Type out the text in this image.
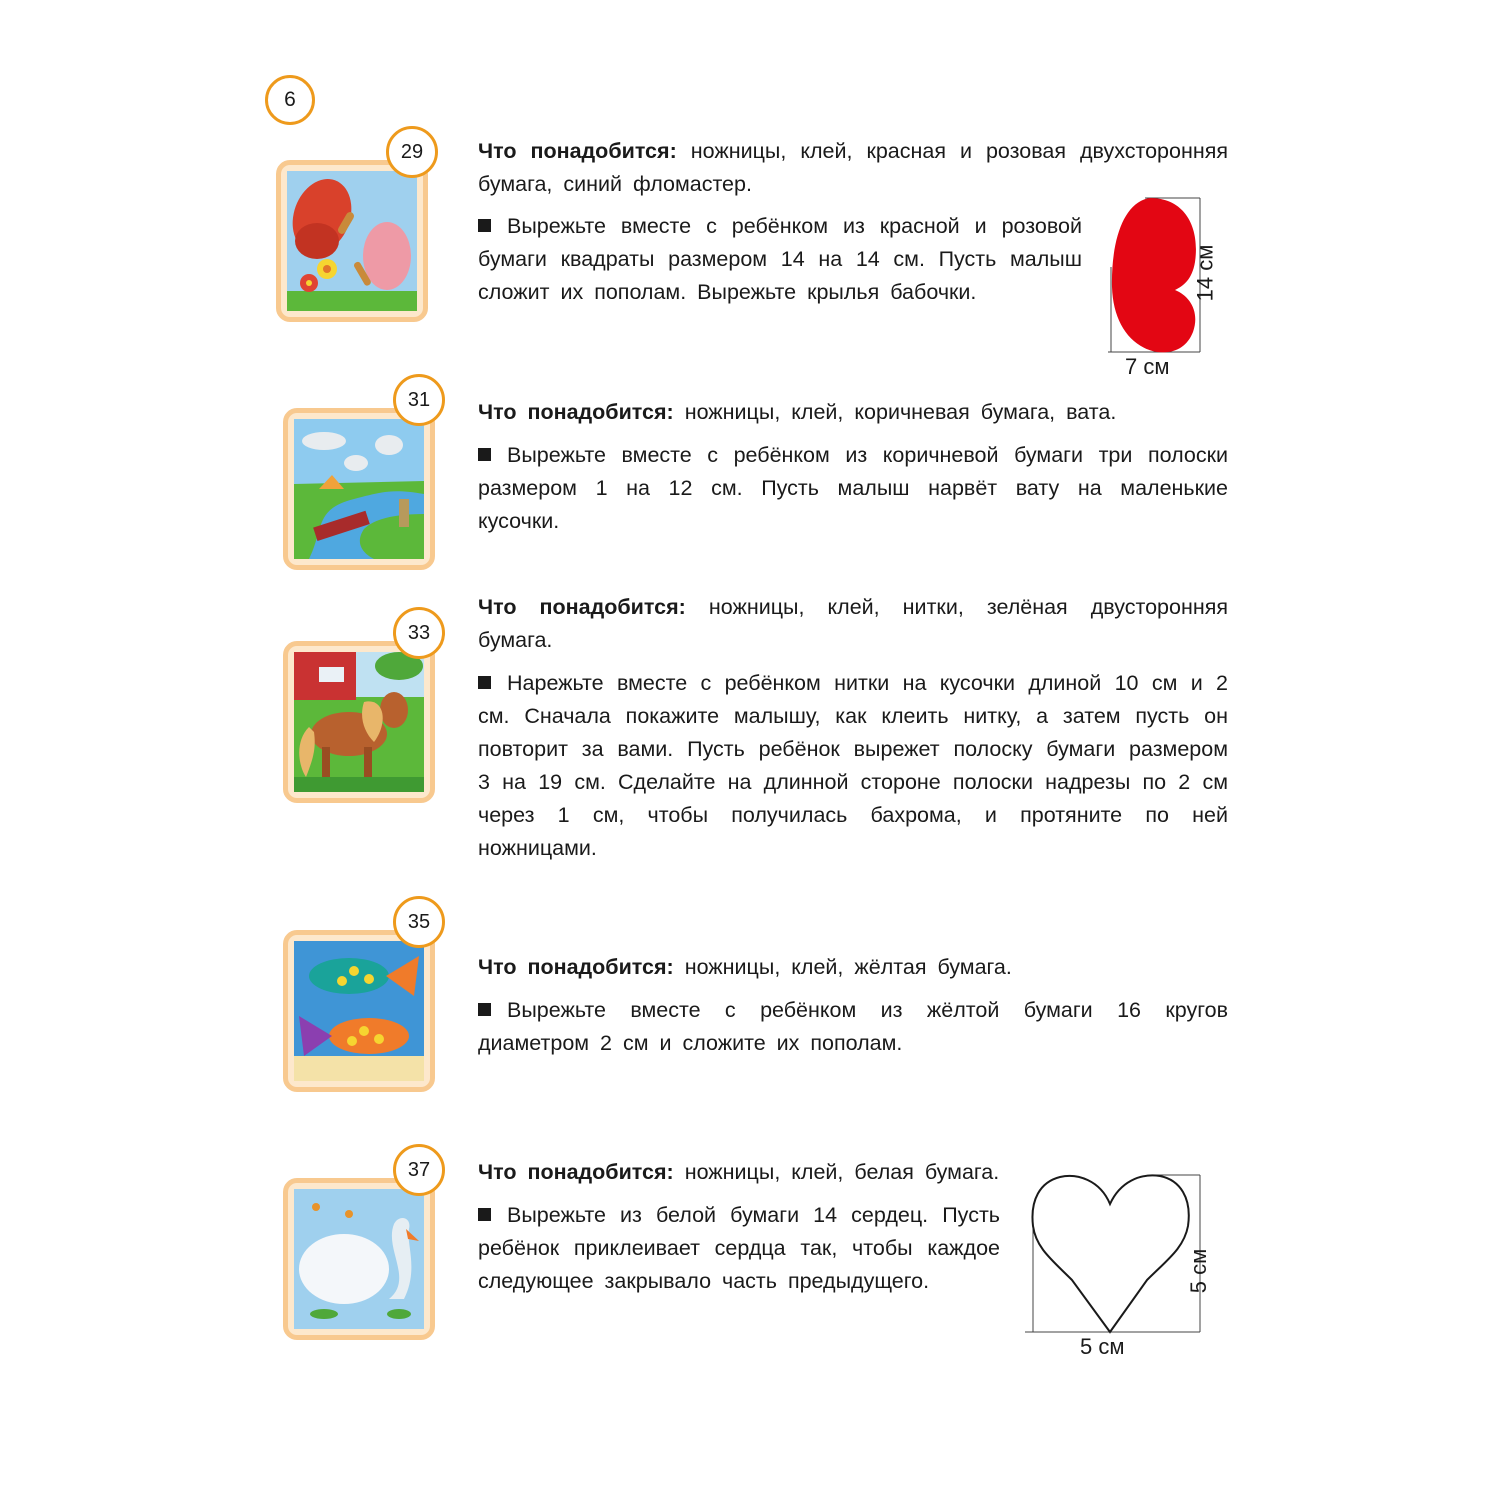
6
29	Что понадобится: ножницы, клей, красная и розовая двухсторонняя бумага, синий фломастер.

Вырежьте вместе с ребёнком из красной и розовой бумаги квадраты размером 14 на 14 см. Пусть малыш сложит их пополам. Вырежьте крылья бабочки.	14 см
7 см
31

Что понадобится: ножницы, клей, коричневая бумага, вата.

Вырежьте вместе с ребёнком из коричневой бумаги три полоски размером 1 на 12 см. Пусть малыш нарвёт вату на маленькие кусочки.

33

Что понадобится: ножницы, клей, нитки, зелёная двусторонняя бумага.

Нарежьте вместе с ребёнком нитки на кусочки длиной 10 см и 2 см. Сначала покажите малышу, как клеить нитку, а затем пусть он повторит за вами. Пусть ребёнок вырежет полоску бумаги размером 3 на 19 см. Сделайте на длинной стороне полоски надрезы по 2 см через 1 см, чтобы получилась бахрома, и протяните по ней ножницами.

35

Что понадобится: ножницы, клей, жёлтая бумага.

Вырежьте вместе с ребёнком из жёлтой бумаги 16 кругов диаметром 2 см и сложите их пополам.

37	Что понадобится: ножницы, клей, белая бумага.

Вырежьте из белой бумаги 14 сердец. Пусть ребёнок приклеивает сердца так, чтобы каждое следующее закрывало часть предыдущего.	5 см
5 см
